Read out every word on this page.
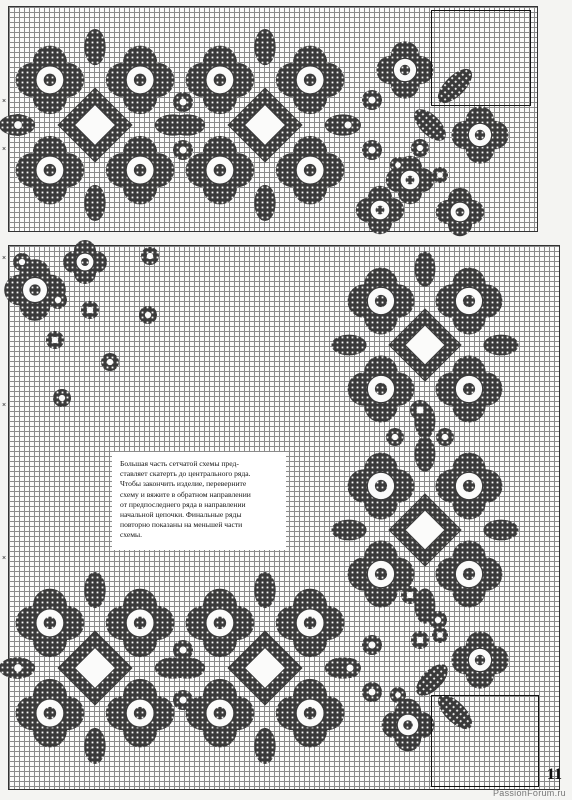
×
×
×
×
×

Большая часть сетчатой схемы пред-

ставляет скатерть до центрального ряда.

Чтобы закончить изделие, переверните

схему и вяжите в обратном направлении

от предпоследнего ряда в направлении

начальной цепочки. Финальные ряды

повторно показаны на меньшей части

схемы.

11
PassionForum.ru
